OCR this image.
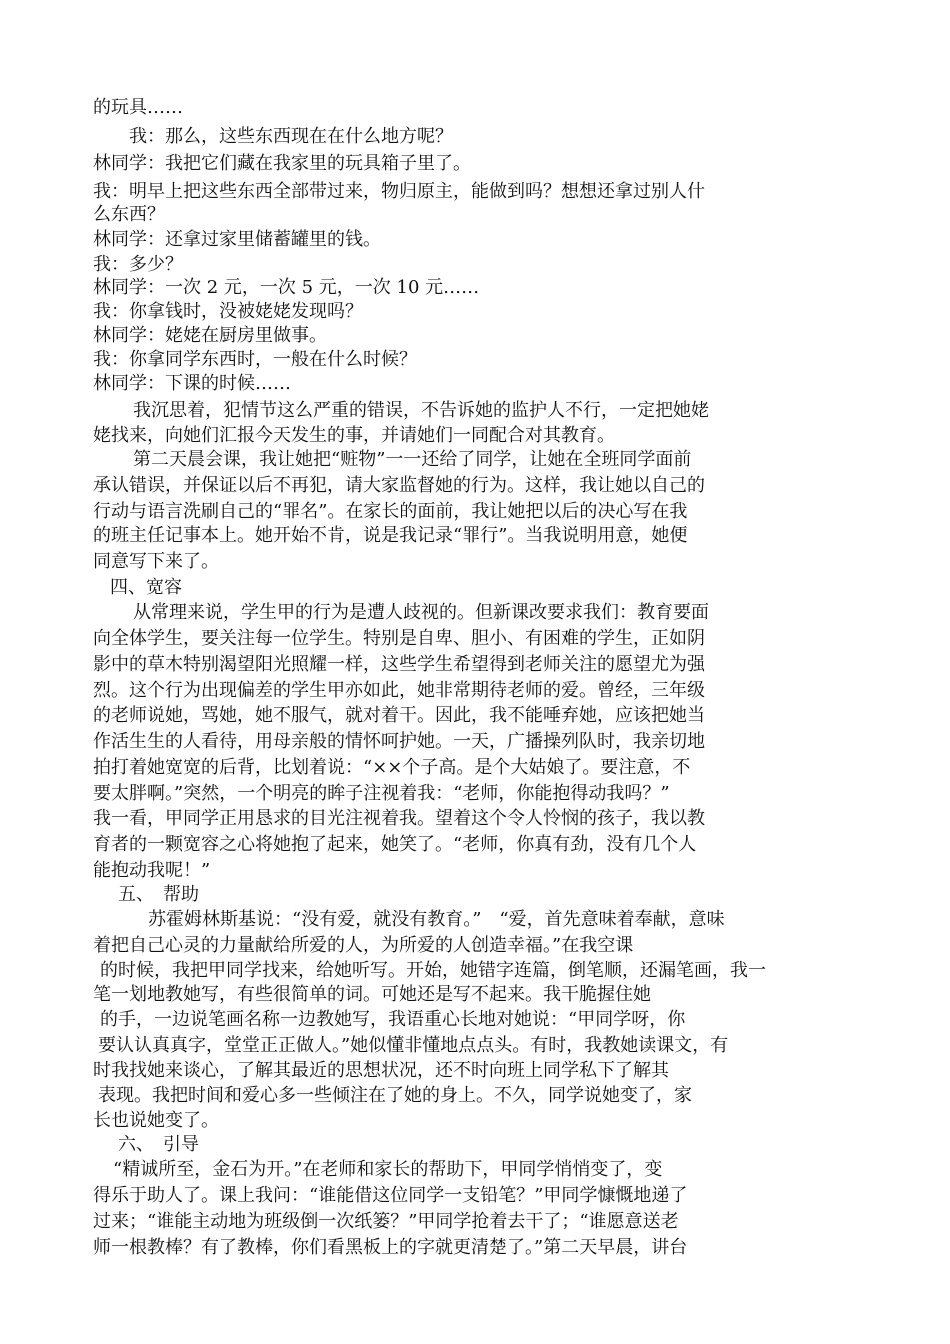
的玩具……
我：那么，这些东西现在在什么地方呢？
林同学：我把它们藏在我家里的玩具箱子里了。
我：明早上把这些东西全部带过来，物归原主，能做到吗？想想还拿过别人什
么东西？
林同学：还拿过家里储蓄罐里的钱。
我：多少？
林同学：一次 2 元，一次 5 元，一次 10 元……
我：你拿钱时，没被姥姥发现吗？
林同学：姥姥在厨房里做事。
我：你拿同学东西时，一般在什么时候？
林同学：下课的时候……
我沉思着，犯情节这么严重的错误，不告诉她的监护人不行，一定把她姥
姥找来，向她们汇报今天发生的事，并请她们一同配合对其教育。
第二天晨会课，我让她把“赃物”一一还给了同学，让她在全班同学面前
承认错误，并保证以后不再犯，请大家监督她的行为。这样，我让她以自己的
行动与语言洗刷自己的“罪名”。在家长的面前，我让她把以后的决心写在我
的班主任记事本上。她开始不肯，说是我记录“罪行”。当我说明用意，她便
同意写下来了。
四、宽容
从常理来说，学生甲的行为是遭人歧视的。但新课改要求我们：教育要面
向全体学生，要关注每一位学生。特别是自卑、胆小、有困难的学生，正如阴
影中的草木特别渴望阳光照耀一样，这些学生希望得到老师关注的愿望尤为强
烈。这个行为出现偏差的学生甲亦如此，她非常期待老师的爱。曾经，三年级
的老师说她，骂她，她不服气，就对着干。因此，我不能唾弃她，应该把她当
作活生生的人看待，用母亲般的情怀呵护她。一天，广播操列队时，我亲切地
拍打着她宽宽的后背，比划着说：“××个子高。是个大姑娘了。要注意，不
要太胖啊。”突然，一个明亮的眸子注视着我：“老师，你能抱得动我吗？”
我一看，甲同学正用恳求的目光注视着我。望着这个令人怜悯的孩子，我以教
育者的一颗宽容之心将她抱了起来，她笑了。“老师，你真有劲，没有几个人
能抱动我呢！”
五、　帮助
苏霍姆林斯基说：“没有爱，就没有教育。”　“爱，首先意味着奉献，意味
着把自己心灵的力量献给所爱的人，为所爱的人创造幸福。”在我空课
的时候，我把甲同学找来，给她听写。开始，她错字连篇，倒笔顺，还漏笔画，我一
笔一划地教她写，有些很简单的词。可她还是写不起来。我干脆握住她
的手，一边说笔画名称一边教她写，我语重心长地对她说：“甲同学呀，你
要认认真真字，堂堂正正做人。”她似懂非懂地点点头。有时，我教她读课文，有
时我找她来谈心，了解其最近的思想状况，还不时向班上同学私下了解其
表现。我把时间和爱心多一些倾注在了她的身上。不久，同学说她变了，家
长也说她变了。
六、　引导
“精诚所至，金石为开。”在老师和家长的帮助下，甲同学悄悄变了，变
得乐于助人了。课上我问：“谁能借这位同学一支铅笔？”甲同学慷慨地递了
过来；“谁能主动地为班级倒一次纸篓？”甲同学抢着去干了；“谁愿意送老
师一根教棒？有了教棒，你们看黑板上的字就更清楚了。”第二天早晨，讲台
